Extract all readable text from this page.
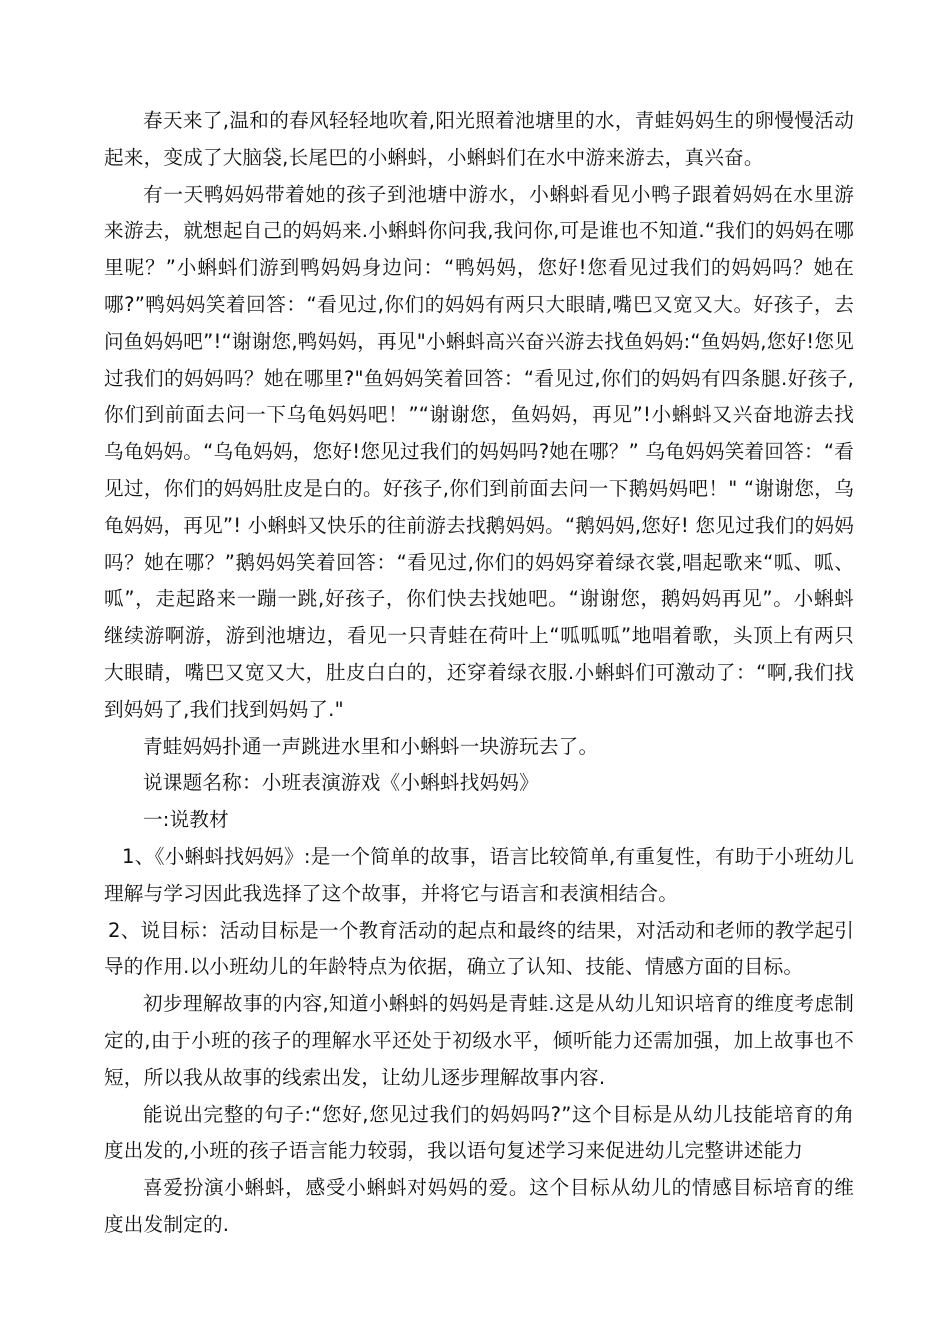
春天来了,温和的春风轻轻地吹着,阳光照着池塘里的水，青蛙妈妈生的卵慢慢活动起来，变成了大脑袋,长尾巴的小蝌蚪，小蝌蚪们在水中游来游去，真兴奋。

有一天鸭妈妈带着她的孩子到池塘中游水，小蝌蚪看见小鸭子跟着妈妈在水里游来游去，就想起自己的妈妈来.小蝌蚪你问我,我问你,可是谁也不知道.“我们的妈妈在哪里呢？”小蝌蚪们游到鸭妈妈身边问：“鸭妈妈，您好!您看见过我们的妈妈吗？她在哪?”鸭妈妈笑着回答：“看见过,你们的妈妈有两只大眼睛,嘴巴又宽又大。好孩子，去问鱼妈妈吧”!“谢谢您,鸭妈妈，再见"小蝌蚪高兴奋兴游去找鱼妈妈:“鱼妈妈,您好!您见过我们的妈妈吗？她在哪里?"鱼妈妈笑着回答：“看见过,你们的妈妈有四条腿.好孩子,你们到前面去问一下乌龟妈妈吧！”“谢谢您，鱼妈妈，再见”!小蝌蚪又兴奋地游去找乌龟妈妈。“乌龟妈妈，您好!您见过我们的妈妈吗?她在哪？” 乌龟妈妈笑着回答：“看见过，你们的妈妈肚皮是白的。好孩子,你们到前面去问一下鹅妈妈吧！" “谢谢您，乌龟妈妈，再见”! 小蝌蚪又快乐的往前游去找鹅妈妈。“鹅妈妈,您好! 您见过我们的妈妈吗？她在哪？”鹅妈妈笑着回答：“看见过,你们的妈妈穿着绿衣裳,唱起歌来“呱、呱、呱”，走起路来一蹦一跳,好孩子，你们快去找她吧。“谢谢您，鹅妈妈再见”。小蝌蚪继续游啊游，游到池塘边，看见一只青蛙在荷叶上“呱呱呱”地唱着歌，头顶上有两只大眼睛，嘴巴又宽又大，肚皮白白的，还穿着绿衣服.小蝌蚪们可激动了：“啊,我们找到妈妈了,我们找到妈妈了."

青蛙妈妈扑通一声跳进水里和小蝌蚪一块游玩去了。

说课题名称：小班表演游戏《小蝌蚪找妈妈》

一:说教材

1、《小蝌蚪找妈妈》:是一个简单的故事，语言比较简单,有重复性，有助于小班幼儿理解与学习因此我选择了这个故事，并将它与语言和表演相结合。

2、说目标：活动目标是一个教育活动的起点和最终的结果，对活动和老师的教学起引导的作用.以小班幼儿的年龄特点为依据，确立了认知、技能、情感方面的目标。

初步理解故事的内容,知道小蝌蚪的妈妈是青蛙.这是从幼儿知识培育的维度考虑制定的,由于小班的孩子的理解水平还处于初级水平，倾听能力还需加强，加上故事也不短，所以我从故事的线索出发，让幼儿逐步理解故事内容.

能说出完整的句子:“您好,您见过我们的妈妈吗?”这个目标是从幼儿技能培育的角度出发的,小班的孩子语言能力较弱，我以语句复述学习来促进幼儿完整讲述能力

喜爱扮演小蝌蚪，感受小蝌蚪对妈妈的爱。这个目标从幼儿的情感目标培育的维度出发制定的.
